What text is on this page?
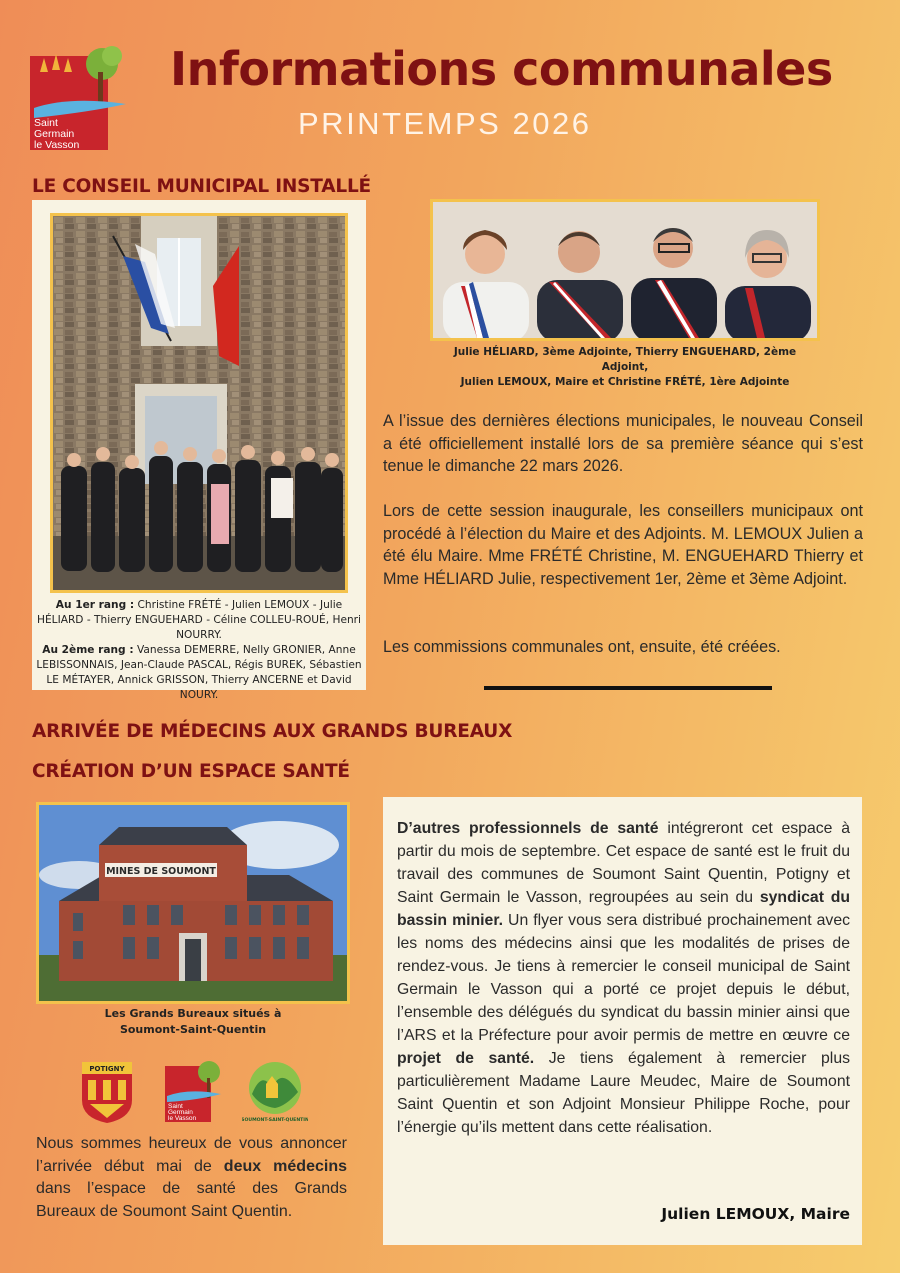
Saint
Germain
le Vasson
Informations communales
PRINTEMPS 2026
LE CONSEIL MUNICIPAL INSTALLÉ
Au 1er rang : Christine FRÉTÉ - Julien LEMOUX - Julie HÉLIARD - Thierry ENGUEHARD - Céline COLLEU-ROUÉ, Henri NOURRY.
Au 2ème rang : Vanessa DEMERRE, Nelly GRONIER, Anne LEBISSONNAIS, Jean-Claude PASCAL, Régis BUREK, Sébastien LE MÉTAYER, Annick GRISSON, Thierry ANCERNE et David NOURY.
Julie HÉLIARD, 3ème Adjointe, Thierry ENGUEHARD, 2ème Adjoint,
Julien LEMOUX, Maire et Christine FRÉTÉ, 1ère Adjointe
A l’issue des dernières élections municipales, le nouveau Conseil a été officiellement installé lors de sa première séance qui s’est tenue le dimanche 22 mars 2026.
Lors de cette session inaugurale, les conseillers municipaux ont procédé à l’élection du Maire et des Adjoints. M. LEMOUX Julien a été élu Maire. Mme FRÉTÉ Christine, M. ENGUEHARD Thierry et Mme HÉLIARD Julie, respectivement 1er, 2ème et 3ème Adjoint.
Les commissions communales ont, ensuite, été créées.
ARRIVÉE DE MÉDECINS AUX GRANDS BUREAUX
CRÉATION D’UN ESPACE SANTÉ
MINES DE SOUMONT
Les Grands Bureaux situés à
Soumont-Saint-Quentin
POTIGNY
Saint
Germain
le Vasson	SOUMONT-SAINT-QUENTIN
Nous sommes heureux de vous annoncer l’arrivée début mai de deux médecins dans l’espace de santé des Grands Bureaux de Soumont Saint Quentin.
D’autres professionnels de santé intégreront cet espace à partir du mois de septembre. Cet espace de santé est le fruit du travail des communes de Soumont Saint Quentin, Potigny et Saint Germain le Vasson, regroupées au sein du syndicat du bassin minier. Un flyer vous sera distribué prochainement avec les noms des médecins ainsi que les modalités de prises de rendez-vous. Je tiens à remercier le conseil municipal de Saint Germain le Vasson qui a porté ce projet depuis le début, l’ensemble des délégués du syndicat du bassin minier ainsi que l’ARS et la Préfecture pour avoir permis de mettre en œuvre ce projet de santé. Je tiens également à remercier plus particulièrement Madame Laure Meudec, Maire de Soumont Saint Quentin et son Adjoint Monsieur Philippe Roche, pour l’énergie qu’ils mettent dans cette réalisation.
Julien LEMOUX, Maire
